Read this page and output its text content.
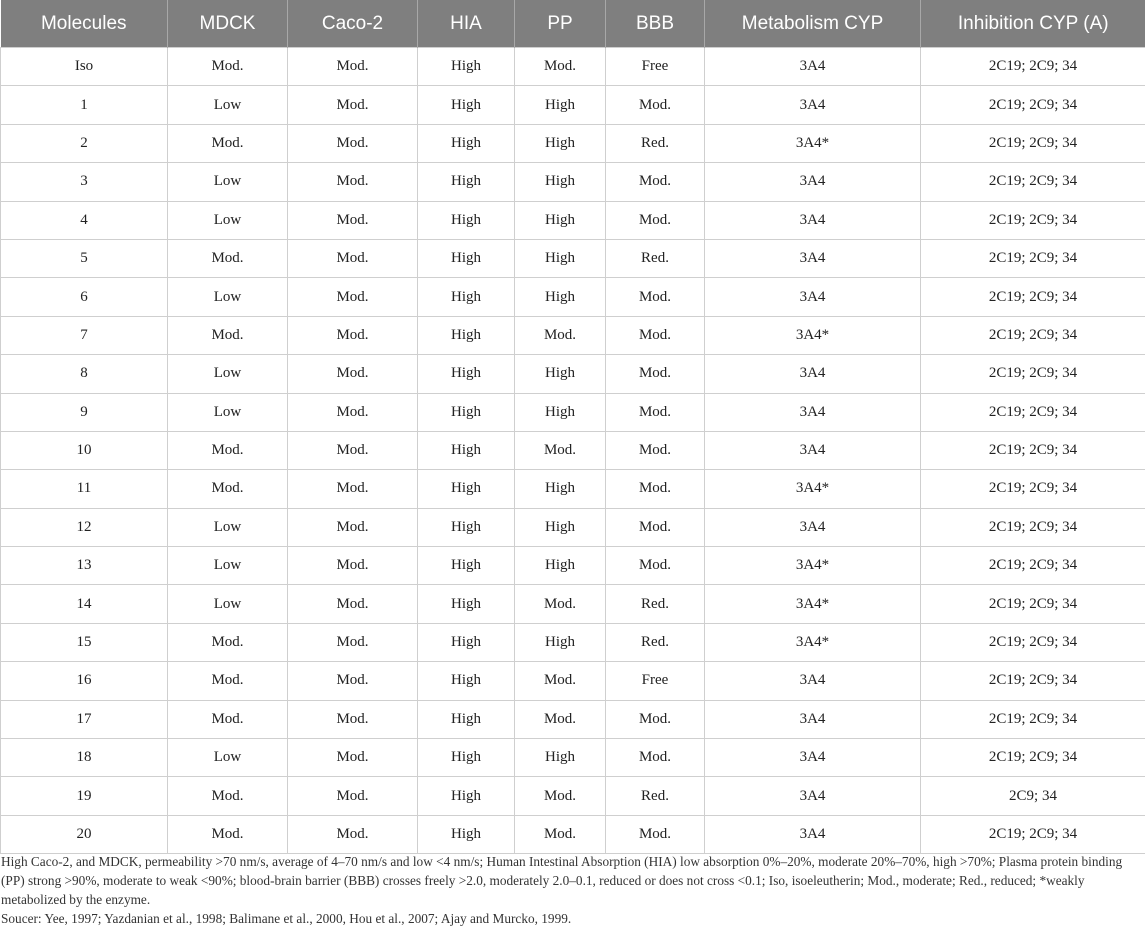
Molecules	MDCK	Caco-2	HIA	PP	BBB	Metabolism CYP	Inhibition CYP (A)
Iso	Mod.	Mod.	High	Mod.	Free	3A4	2C19; 2C9; 34
1	Low	Mod.	High	High	Mod.	3A4	2C19; 2C9; 34
2	Mod.	Mod.	High	High	Red.	3A4*	2C19; 2C9; 34
3	Low	Mod.	High	High	Mod.	3A4	2C19; 2C9; 34
4	Low	Mod.	High	High	Mod.	3A4	2C19; 2C9; 34
5	Mod.	Mod.	High	High	Red.	3A4	2C19; 2C9; 34
6	Low	Mod.	High	High	Mod.	3A4	2C19; 2C9; 34
7	Mod.	Mod.	High	Mod.	Mod.	3A4*	2C19; 2C9; 34
8	Low	Mod.	High	High	Mod.	3A4	2C19; 2C9; 34
9	Low	Mod.	High	High	Mod.	3A4	2C19; 2C9; 34
10	Mod.	Mod.	High	Mod.	Mod.	3A4	2C19; 2C9; 34
11	Mod.	Mod.	High	High	Mod.	3A4*	2C19; 2C9; 34
12	Low	Mod.	High	High	Mod.	3A4	2C19; 2C9; 34
13	Low	Mod.	High	High	Mod.	3A4*	2C19; 2C9; 34
14	Low	Mod.	High	Mod.	Red.	3A4*	2C19; 2C9; 34
15	Mod.	Mod.	High	High	Red.	3A4*	2C19; 2C9; 34
16	Mod.	Mod.	High	Mod.	Free	3A4	2C19; 2C9; 34
17	Mod.	Mod.	High	Mod.	Mod.	3A4	2C19; 2C9; 34
18	Low	Mod.	High	High	Mod.	3A4	2C19; 2C9; 34
19	Mod.	Mod.	High	Mod.	Red.	3A4	2C9; 34
20	Mod.	Mod.	High	Mod.	Mod.	3A4	2C19; 2C9; 34

High Caco-2, and MDCK, permeability >70 nm/s, average of 4–70 nm/s and low <4 nm/s; Human Intestinal Absorption (HIA) low absorption 0%–20%, moderate 20%–70%, high >70%; Plasma protein binding (PP) strong >90%, moderate to weak <90%; blood-brain barrier (BBB) crosses freely >2.0, moderately 2.0–0.1, reduced or does not cross <0.1; Iso, isoeleutherin; Mod., moderate; Red., reduced; *weakly metabolized by the enzyme.

Soucer: Yee, 1997; Yazdanian et al., 1998; Balimane et al., 2000, Hou et al., 2007; Ajay and Murcko, 1999.
